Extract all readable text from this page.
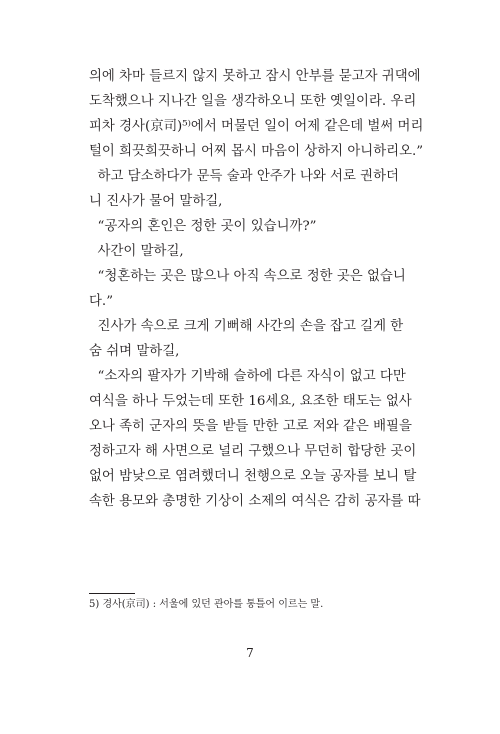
의에 차마 들르지 않지 못하고 잠시 안부를 묻고자 귀댁에
도착했으나 지나간 일을 생각하오니 또한 옛일이라. 우리
피차 경사(京司)⁵⁾에서 머물던 일이 어제 같은데 벌써 머리
털이 희끗희끗하니 어찌 몹시 마음이 상하지 아니하리오.”
하고 담소하다가 문득 술과 안주가 나와 서로 권하더
니 진사가 물어 말하길,
“공자의 혼인은 정한 곳이 있습니까?”
사간이 말하길,
“청혼하는 곳은 많으나 아직 속으로 정한 곳은 없습니
다.”
진사가 속으로 크게 기뻐해 사간의 손을 잡고 길게 한
숨 쉬며 말하길,
“소자의 팔자가 기박해 슬하에 다른 자식이 없고 다만
여식을 하나 두었는데 또한 16세요, 요조한 태도는 없사
오나 족히 군자의 뜻을 받들 만한 고로 저와 같은 배필을
정하고자 해 사면으로 널리 구했으나 무던히 합당한 곳이
없어 밤낮으로 염려했더니 천행으로 오늘 공자를 보니 탈
속한 용모와 총명한 기상이 소제의 여식은 감히 공자를 따
5) 경사(京司) : 서울에 있던 관아를 통틀어 이르는 말.
7
